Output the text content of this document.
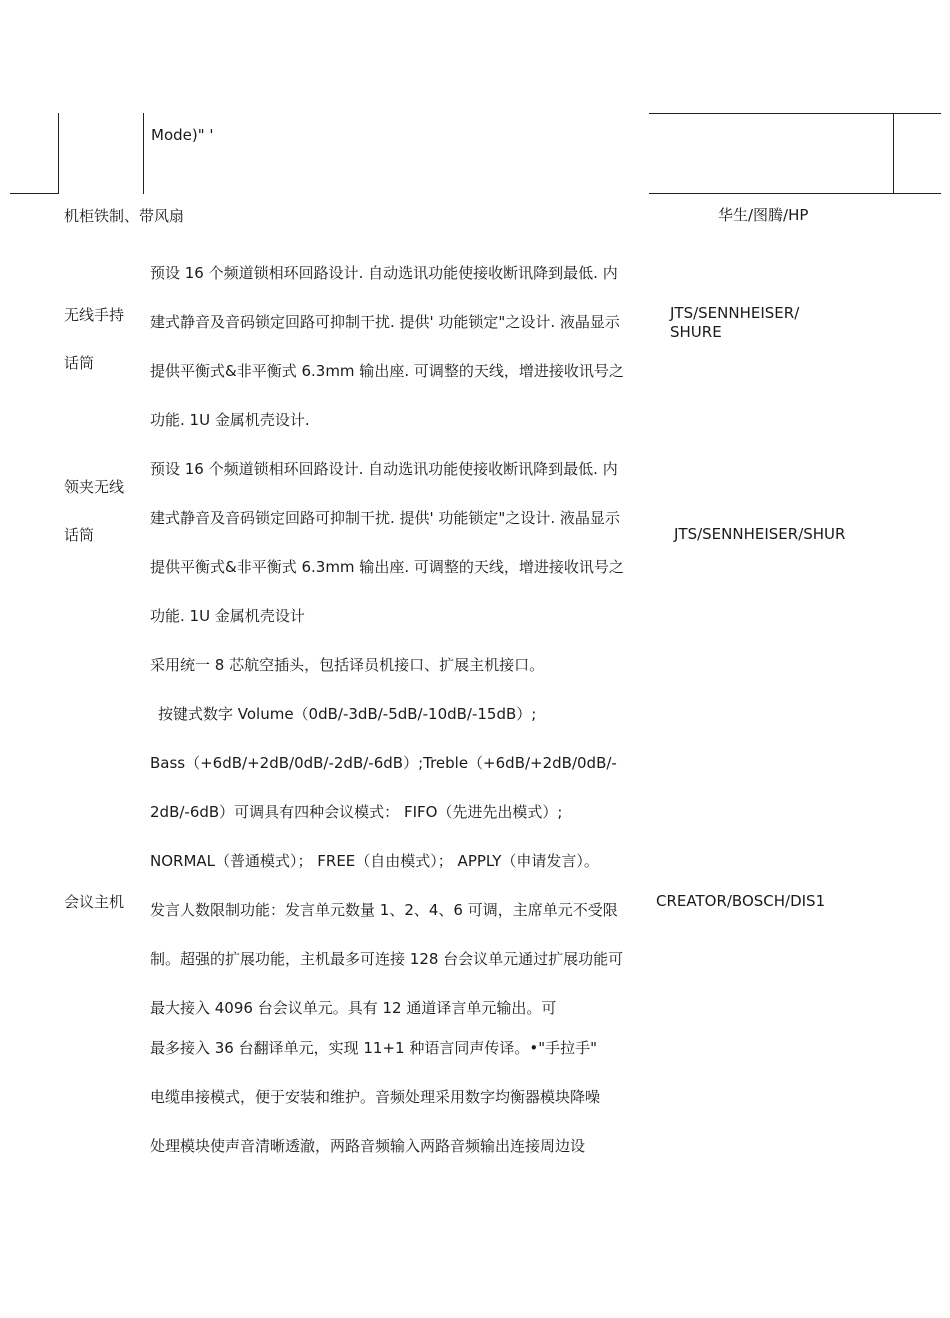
Mode)" '
机柜铁制、带风扇	华生/图腾/HP
无线手持
话筒
预设 16 个频道锁相环回路设计. 自动选讯功能使接收断讯降到最低. 内
建式静音及音码锁定回路可抑制干扰. 提供' 功能锁定"之设计. 液晶显示
提供平衡式&非平衡式 6.3mm 输出座. 可调整的天线，增进接收讯号之
功能. 1U 金属机壳设计.
JTS/SENNHEISER/
SHURE
领夹无线
话筒
预设 16 个频道锁相环回路设计. 自动选讯功能使接收断讯降到最低. 内
建式静音及音码锁定回路可抑制干扰. 提供' 功能锁定"之设计. 液晶显示
提供平衡式&非平衡式 6.3mm 输出座. 可调整的天线，增进接收讯号之
功能. 1U 金属机壳设计
JTS/SENNHEISER/SHUR
会议主机
采用统一 8 芯航空插头，包括译员机接口、扩展主机接口。
按键式数字 Volume（0dB/-3dB/-5dB/-10dB/-15dB）;
Bass（+6dB/+2dB/0dB/-2dB/-6dB）;Treble（+6dB/+2dB/0dB/-
2dB/-6dB）可调具有四种会议模式： FIFO（先进先出模式）;
NORMAL（普通模式）； FREE（自由模式）； APPLY（申请发言）。
发言人数限制功能：发言单元数量 1、2、4、6 可调，主席单元不受限
制。超强的扩展功能，主机最多可连接 128 台会议单元通过扩展功能可
最大接入 4096 台会议单元。具有 12 通道译言单元输出。可
最多接入 36 台翻译单元，实现 11+1 种语言同声传译。•"手拉手"
电缆串接模式，便于安装和维护。音频处理采用数字均衡器模块降噪
处理模块使声音清晰透澈，两路音频输入两路音频输出连接周边设
CREATOR/BOSCH/DIS1
